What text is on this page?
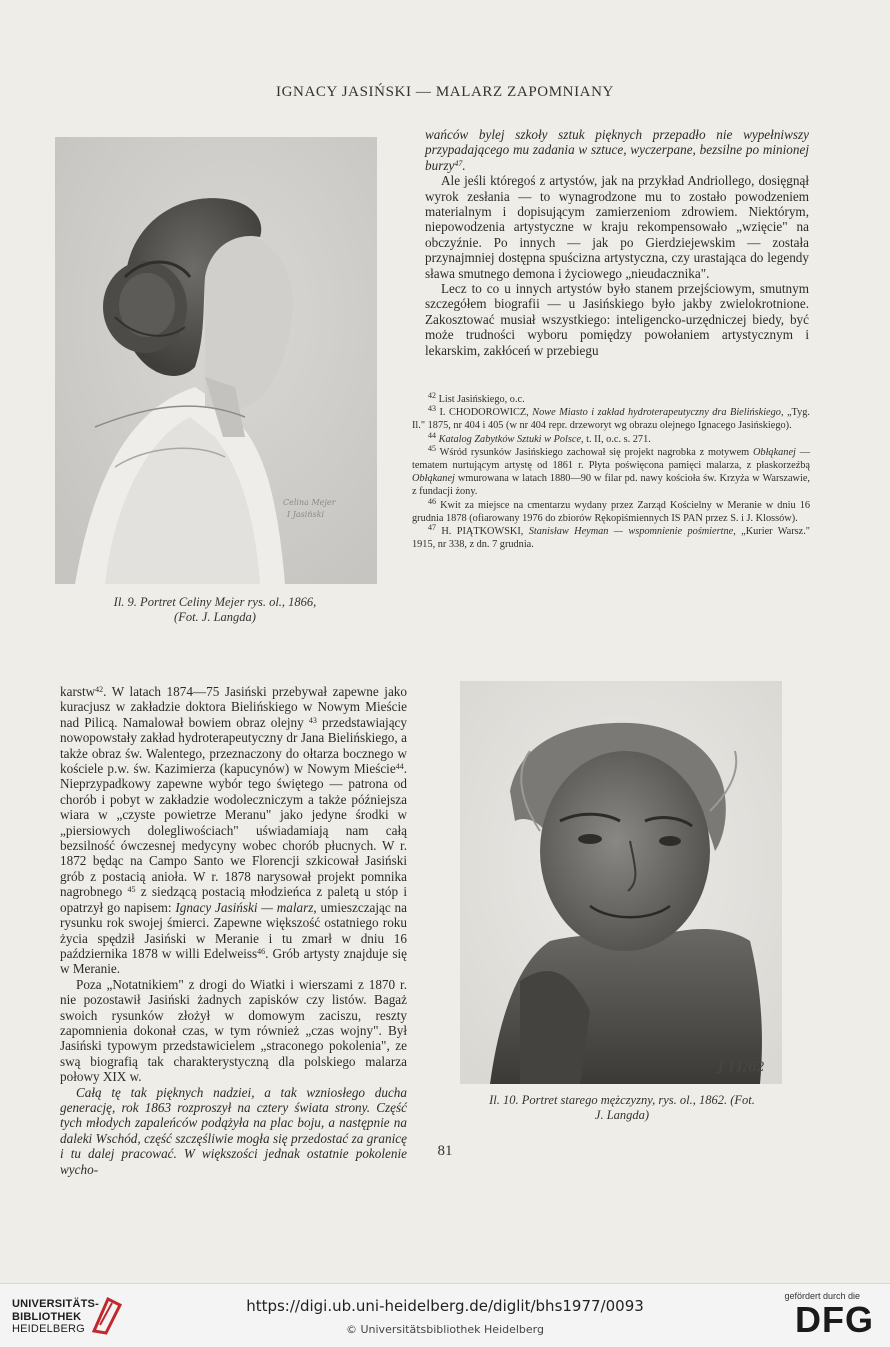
IGNACY JASIŃSKI — MALARZ ZAPOMNIANY
Celina Mejer
I Jasiński
Il. 9. Portret Celiny Mejer rys. ol., 1866,
(Fot. J. Langda)

wańców bylej szkoły sztuk pięknych przepadło nie wypełniwszy przypadającego mu zadania w sztuce, wyczerpane, bezsilne po minionej burzy$^{47}$.

Ale jeśli któregoś z artystów, jak na przykład Andriollego, dosięgnął wyrok zesłania — to wynagrodzone mu to zostało powodzeniem materialnym i dopisującym zamierzeniom zdrowiem. Niektórym, niepowodzenia artystyczne w kraju rekompensowało „wzięcie" na obczyźnie. Po innych — jak po Gierdziejewskim — została przynajmniej dostępna spuścizna artystyczna, czy urastająca do legendy sława smutnego demona i życiowego „nieudacznika".

Lecz to co u innych artystów było stanem przejściowym, smutnym szczegółem biografii — u Jasińskiego było jakby zwielokrotnione. Zakosztować musiał wszystkiego: inteligencko-urzędniczej biedy, być może trudności wyboru pomiędzy powołaniem artystycznym i lekarskim, zakłóceń w przebiegu

$^{42}$ List Jasińskiego, o.c.

$^{43}$ I. CHODOROWICZ, Nowe Miasto i zakład hydroterapeutyczny dra Bielińskiego, „Tyg. Il." 1875, nr 404 i 405 (w nr 404 repr. drzeworyt wg obrazu olejnego Ignacego Jasińskiego).

$^{44}$ Katalog Zabytków Sztuki w Polsce, t. II, o.c. s. 271.

$^{45}$ Wśród rysunków Jasińskiego zachował się projekt nagrobka z motywem Obłąkanej — tematem nurtującym artystę od 1861 r. Płyta poświęcona pamięci malarza, z płaskorzeźbą Obłąkanej wmurowana w latach 1880—90 w filar pd. nawy kościoła św. Krzyża w Warszawie, z fundacji żony.

$^{46}$ Kwit za miejsce na cmentarzu wydany przez Zarząd Kościelny w Meranie w dniu 16 grudnia 1878 (ofiarowany 1976 do zbiorów Rękopiśmiennych IS PAN przez S. i J. Klossów).

$^{47}$ H. PIĄTKOWSKI, Stanisław Heyman — wspomnienie pośmiertne, „Kurier Warsz." 1915, nr 338, z dn. 7 grudnia.

karstw$^{42}$. W latach 1874—75 Jasiński przebywał zapewne jako kuracjusz w zakładzie doktora Bielińskiego w Nowym Mieście nad Pilicą. Namalował bowiem obraz olejny $^{43}$ przedstawiający nowopowstały zakład hydroterapeutyczny dr Jana Bielińskiego, a także obraz św. Walentego, przeznaczony do ołtarza bocznego w kościele p.w. św. Kazimierza (kapucynów) w Nowym Mieście$^{44}$. Nieprzypadkowy zapewne wybór tego świętego — patrona od chorób i pobyt w zakładzie wodoleczniczym a także późniejsza wiara w „czyste powietrze Meranu" jako jedyne środki w „piersiowych dolegliwościach" uświadamiają nam całą bezsilność ówczesnej medycyny wobec chorób płucnych. W r. 1872 będąc na Campo Santo we Florencji szkicował Jasiński grób z postacią anioła. W r. 1878 narysował projekt pomnika nagrobnego $^{45}$ z siedzącą postacią młodzieńca z paletą u stóp i opatrzył go napisem: Ignacy Jasiński — malarz, umieszczając na rysunku rok swojej śmierci. Zapewne większość ostatniego roku życia spędził Jasiński w Meranie i tu zmarł w dniu 16 października 1878 w willi Edelweiss$^{46}$. Grób artysty znajduje się w Meranie.

Poza „Notatnikiem" z drogi do Wiatki i wierszami z 1870 r. nie pozostawił Jasiński żadnych zapisków czy listów. Bagaż swoich rysunków złożył w domowym zaciszu, reszty zapomnienia dokonał czas, w tym również „czas wojny". Był Jasiński typowym przedstawicielem „straconego pokolenia", ze swą biografią tak charakterystyczną dla polskiego malarza połowy XIX w.

Całą tę tak pięknych nadziei, a tak wzniosłego ducha generację, rok 1863 rozproszył na cztery świata strony. Część tych młodych zapaleńców podążyła na plac boju, a następnie na daleki Wschód, część szczęśliwie mogła się przedostać za granicę i tu dalej pracować. W większości jednak ostatnie pokolenie wycho-

J 11/62
Il. 10. Portret starego mężczyzny, rys. ol., 1862. (Fot.
J. Langda)
81
UNIVERSITÄTS-
BIBLIOTHEK
HEIDELBERG
https://digi.ub.uni-heidelberg.de/diglit/bhs1977/0093
© Universitätsbibliothek Heidelberg
gefördert durch die
DFG
